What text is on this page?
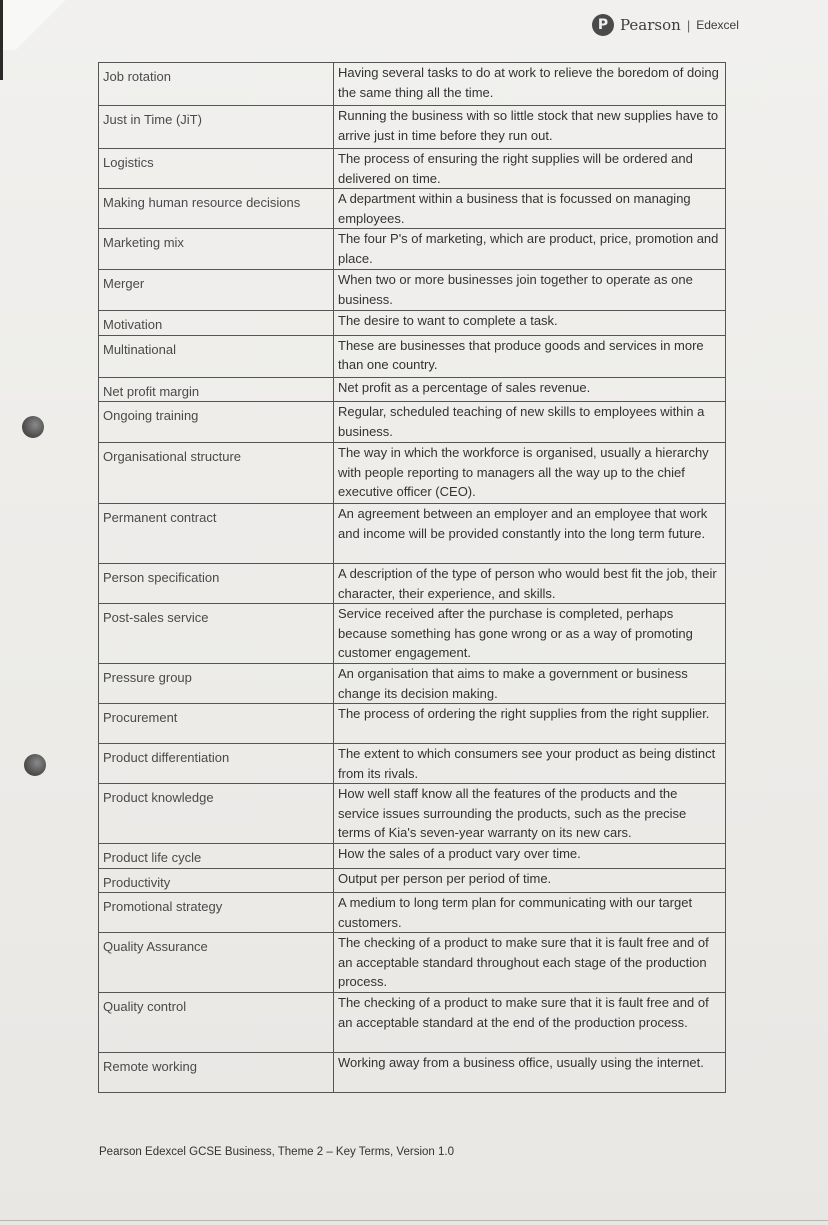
P Pearson | Edexcel
Job rotation	Having several tasks to do at work to relieve the boredom of doing the same thing all the time.
Just in Time (JiT)	Running the business with so little stock that new supplies have to arrive just in time before they run out.
Logistics	The process of ensuring the right supplies will be ordered and delivered on time.
Making human resource decisions	A department within a business that is focussed on managing employees.
Marketing mix	The four P's of marketing, which are product, price, promotion and place.
Merger	When two or more businesses join together to operate as one business.
Motivation	The desire to want to complete a task.
Multinational	These are businesses that produce goods and services in more than one country.
Net profit margin	Net profit as a percentage of sales revenue.
Ongoing training	Regular, scheduled teaching of new skills to employees within a business.
Organisational structure	The way in which the workforce is organised, usually a hierarchy with people reporting to managers all the way up to the chief executive officer (CEO).
Permanent contract	An agreement between an employer and an employee that work and income will be provided constantly into the long term future.
Person specification	A description of the type of person who would best fit the job, their character, their experience, and skills.
Post-sales service	Service received after the purchase is completed, perhaps because something has gone wrong or as a way of promoting customer engagement.
Pressure group	An organisation that aims to make a government or business change its decision making.
Procurement	The process of ordering the right supplies from the right supplier.
Product differentiation	The extent to which consumers see your product as being distinct from its rivals.
Product knowledge	How well staff know all the features of the products and the service issues surrounding the products, such as the precise terms of Kia's seven-year warranty on its new cars.
Product life cycle	How the sales of a product vary over time.
Productivity	Output per person per period of time.
Promotional strategy	A medium to long term plan for communicating with our target customers.
Quality Assurance	The checking of a product to make sure that it is fault free and of an acceptable standard throughout each stage of the production process.
Quality control	The checking of a product to make sure that it is fault free and of an acceptable standard at the end of the production process.
Remote working	Working away from a business office, usually using the internet.
Pearson Edexcel GCSE Business, Theme 2 – Key Terms, Version 1.0
